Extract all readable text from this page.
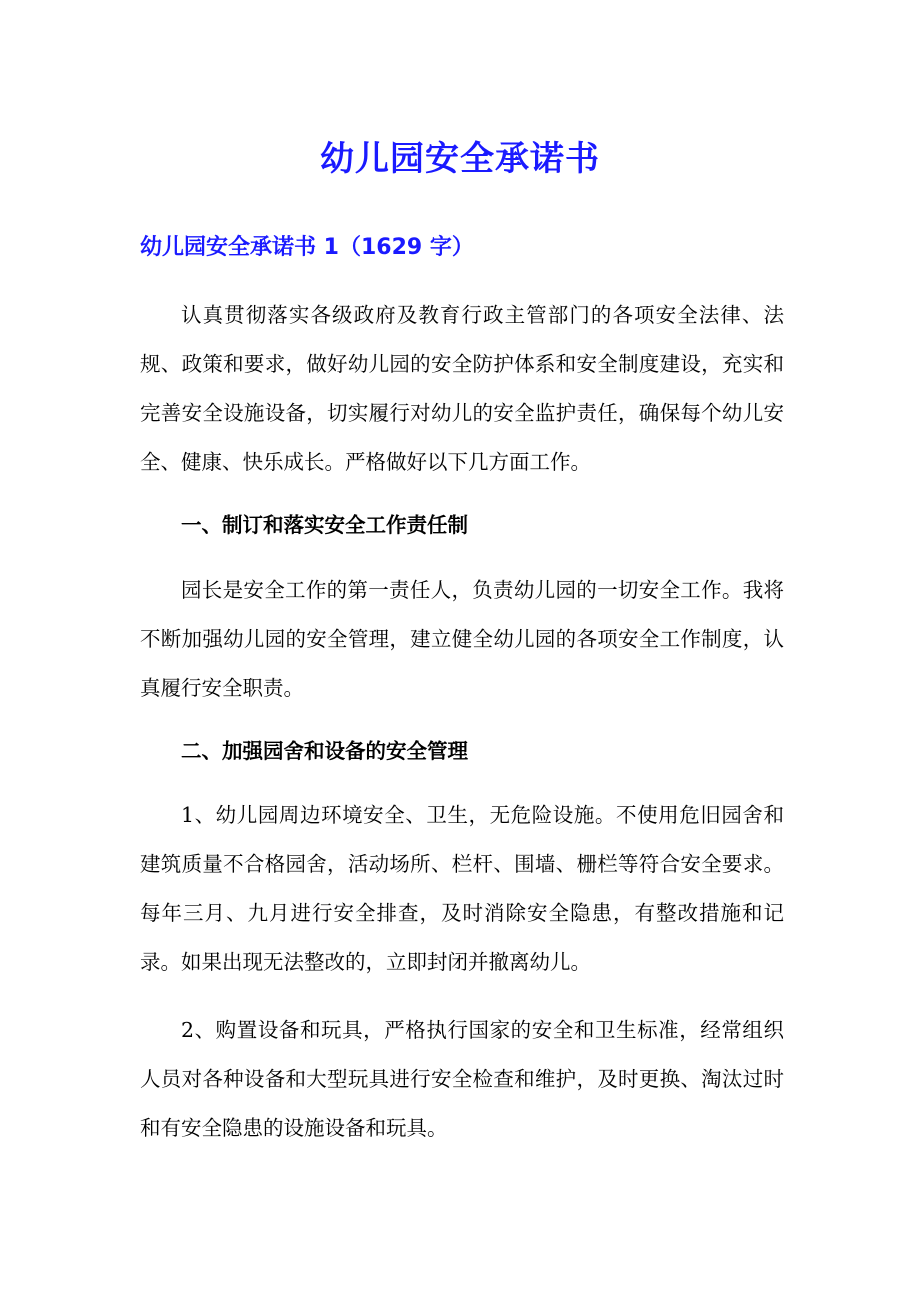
幼儿园安全承诺书
幼儿园安全承诺书 1（1629 字）

认真贯彻落实各级政府及教育行政主管部门的各项安全法律、法规、政策和要求，做好幼儿园的安全防护体系和安全制度建设，充实和完善安全设施设备，切实履行对幼儿的安全监护责任，确保每个幼儿安全、健康、快乐成长。严格做好以下几方面工作。

一、制订和落实安全工作责任制

园长是安全工作的第一责任人，负责幼儿园的一切安全工作。我将不断加强幼儿园的安全管理，建立健全幼儿园的各项安全工作制度，认真履行安全职责。

二、加强园舍和设备的安全管理

1、幼儿园周边环境安全、卫生，无危险设施。不使用危旧园舍和建筑质量不合格园舍，活动场所、栏杆、围墙、栅栏等符合安全要求。每年三月、九月进行安全排查，及时消除安全隐患，有整改措施和记录。如果出现无法整改的，立即封闭并撤离幼儿。

2、购置设备和玩具，严格执行国家的安全和卫生标准，经常组织人员对各种设备和大型玩具进行安全检查和维护，及时更换、淘汰过时和有安全隐患的设施设备和玩具。
